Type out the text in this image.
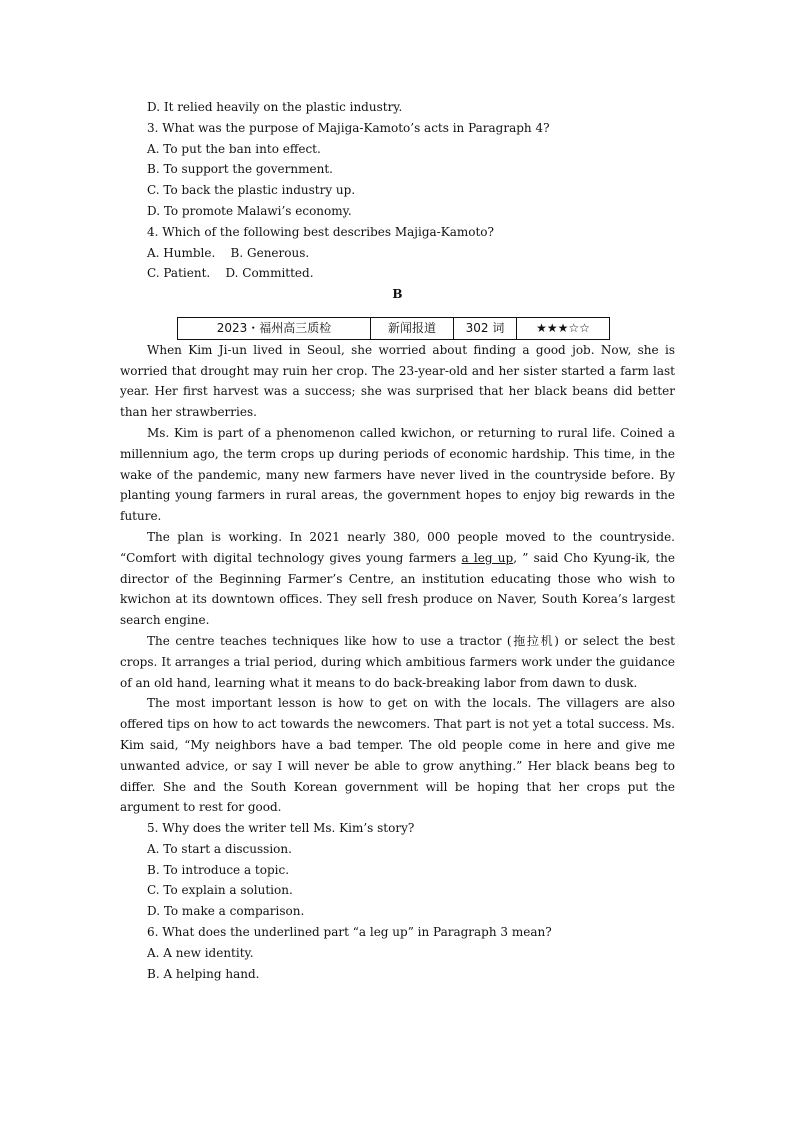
D. It relied heavily on the plastic industry.
3. What was the purpose of Majiga-Kamoto’s acts in Paragraph 4?
A. To put the ban into effect.
B. To support the government.
C. To back the plastic industry up.
D. To promote Malawi’s economy.
4. Which of the following best describes Majiga-Kamoto?
A. Humble.    B. Generous.
C. Patient.    D. Committed.

B

2023・福州高三质检	新闻报道	302 词	★★★☆☆

When Kim Ji-un lived in Seoul, she worried about finding a good job. Now, she is worried that drought may ruin her crop. The 23-year-old and her sister started a farm last year. Her first harvest was a success; she was surprised that her black beans did better than her strawberries.

Ms. Kim is part of a phenomenon called kwichon, or returning to rural life. Coined a millennium ago, the term crops up during periods of economic hardship. This time, in the wake of the pandemic, many new farmers have never lived in the countryside before. By planting young farmers in rural areas, the government hopes to enjoy big rewards in the future.

The plan is working. In 2021 nearly 380, 000 people moved to the countryside. “Comfort with digital technology gives young farmers a leg up, ” said Cho Kyung-ik, the director of the Beginning Farmer’s Centre, an institution educating those who wish to kwichon at its downtown offices. They sell fresh produce on Naver, South Korea’s largest search engine.

The centre teaches techniques like how to use a tractor (拖拉机) or select the best crops. It arranges a trial period, during which ambitious farmers work under the guidance of an old hand, learning what it means to do back-breaking labor from dawn to dusk.

The most important lesson is how to get on with the locals. The villagers are also offered tips on how to act towards the newcomers. That part is not yet a total success. Ms. Kim said, “My neighbors have a bad temper. The old people come in here and give me unwanted advice, or say I will never be able to grow anything.” Her black beans beg to differ. She and the South Korean government will be hoping that her crops put the argument to rest for good.

5. Why does the writer tell Ms. Kim’s story?
A. To start a discussion.
B. To introduce a topic.
C. To explain a solution.
D. To make a comparison.
6. What does the underlined part “a leg up” in Paragraph 3 mean?
A. A new identity.
B. A helping hand.
